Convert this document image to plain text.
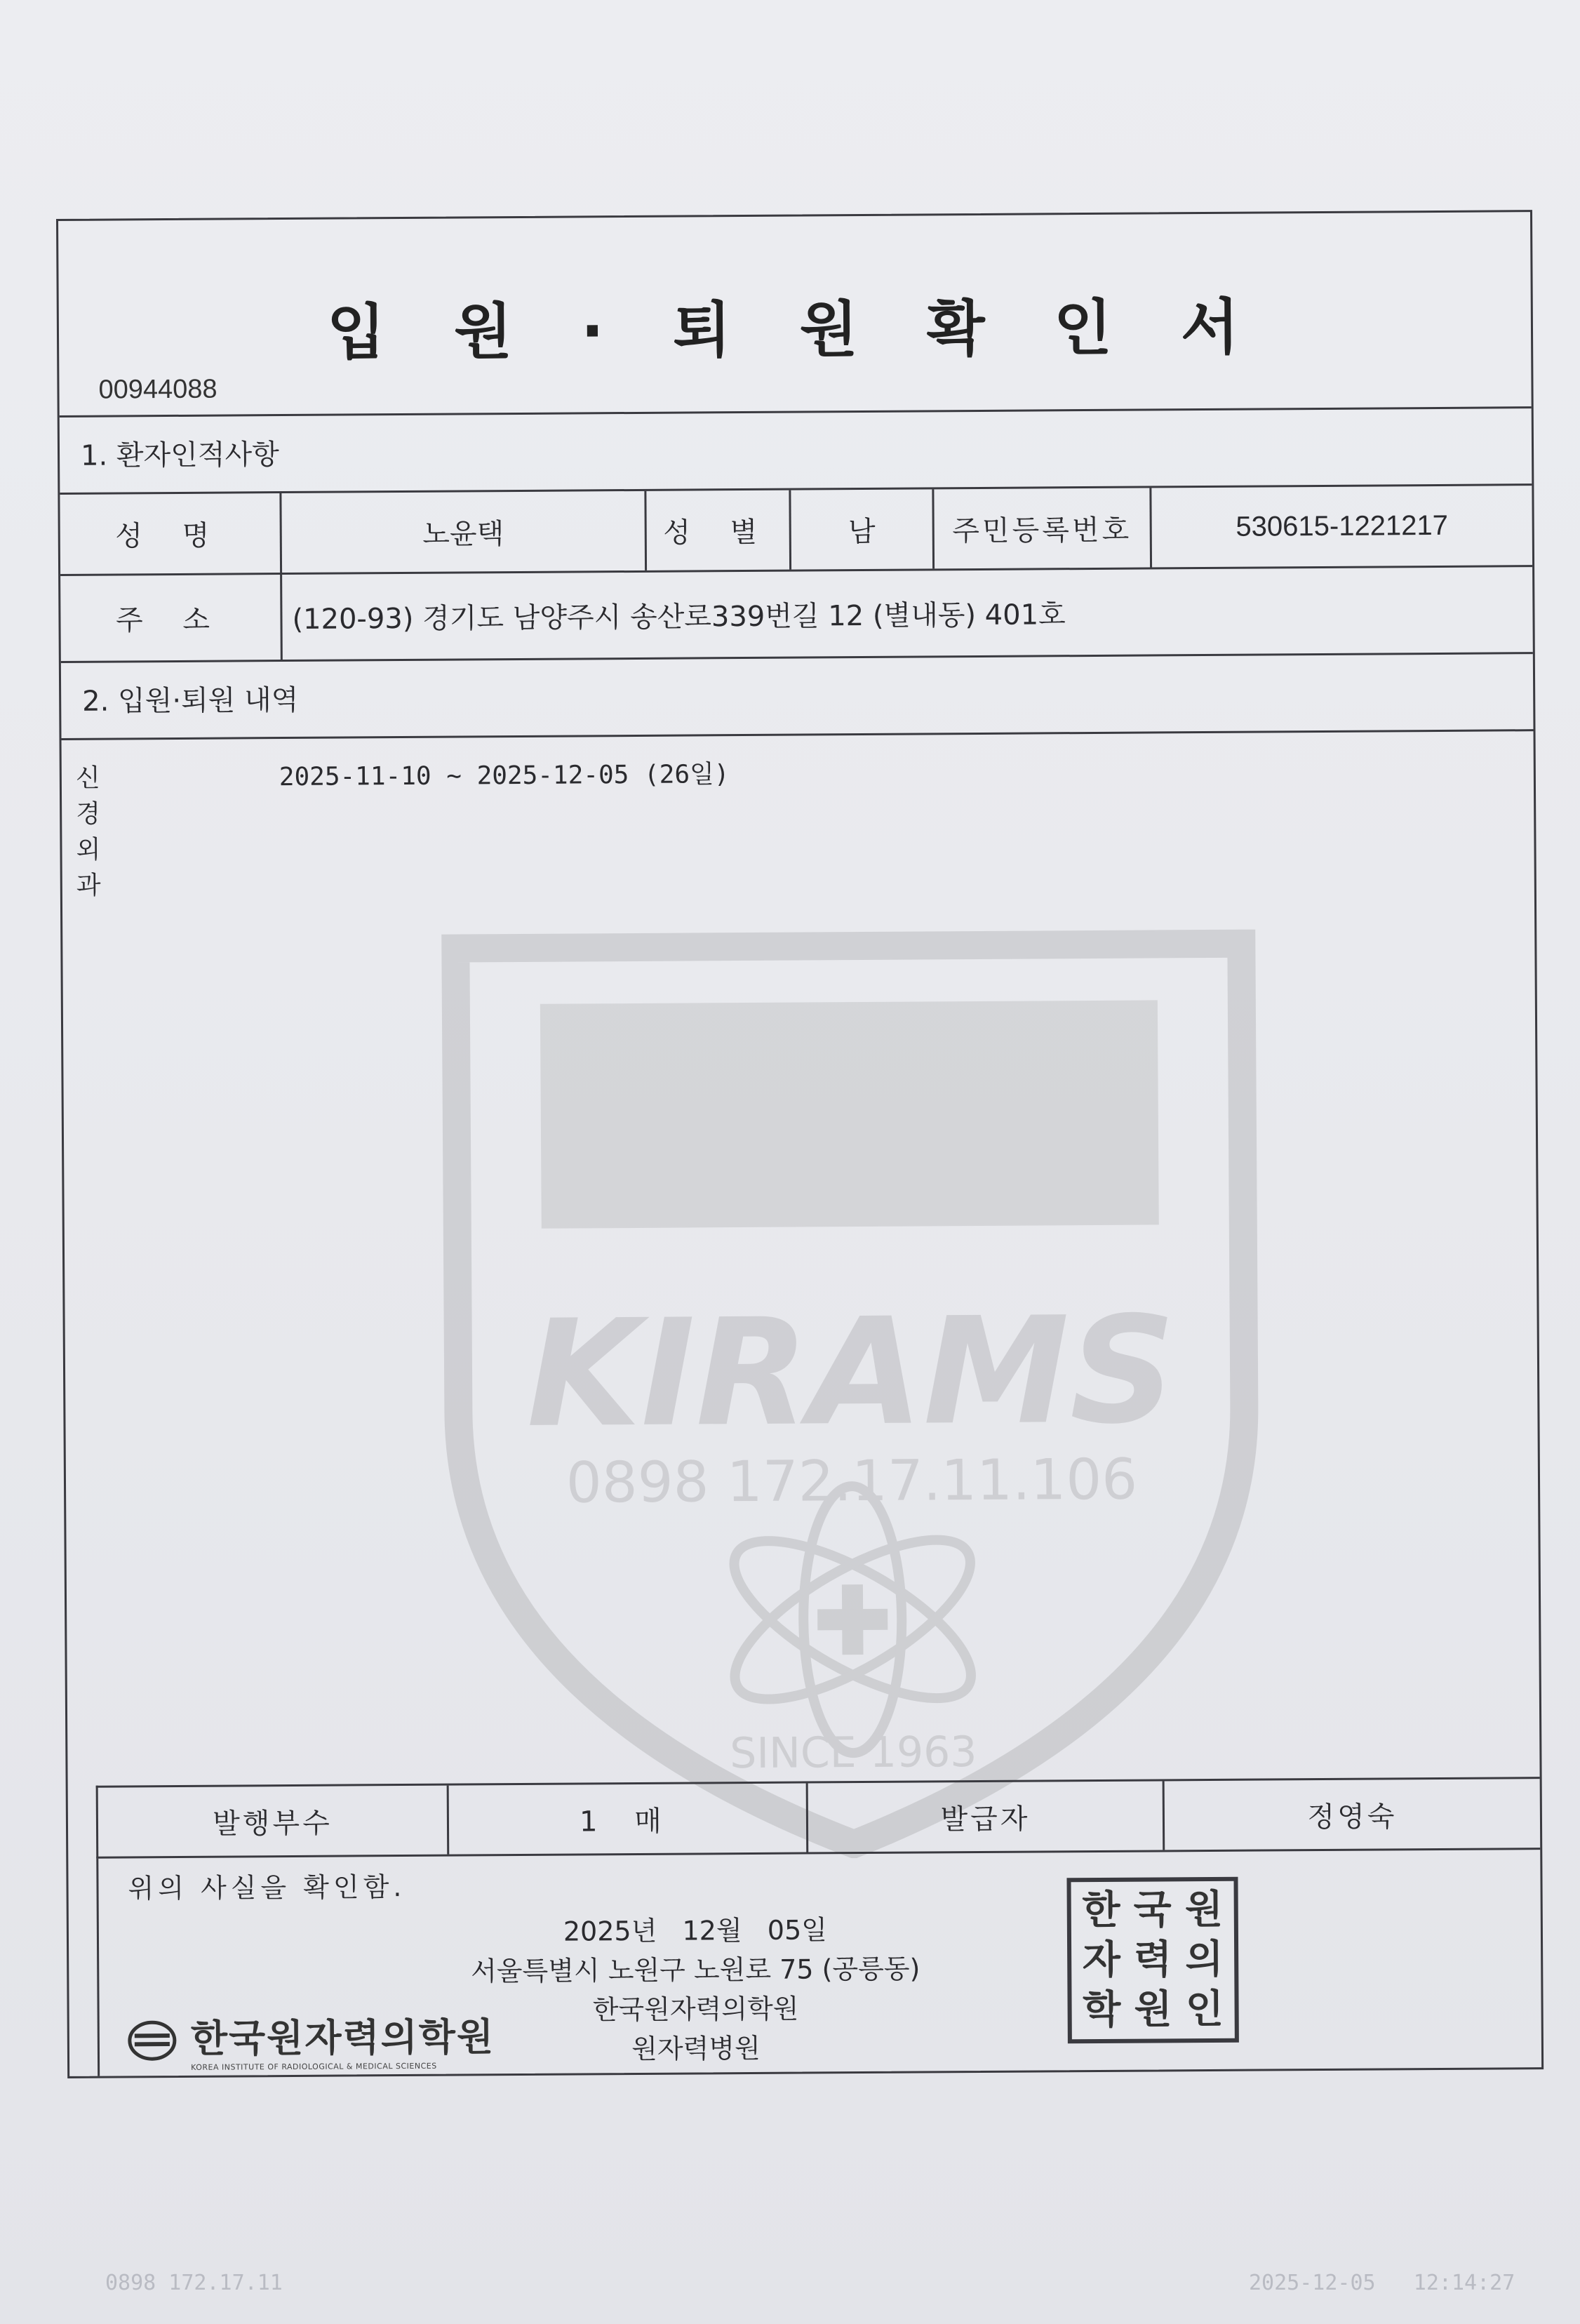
KIRAMS
0898 172.17.11.106
SINCE 1963
입 원 · 퇴 원 확 인 서
00944088
1. 환자인적사항
성 명	노윤택	성 별	남	주민등록번호	530615-1221217
주 소	(120-93) 경기도 남양주시 송산로339번길 12 (별내동) 401호
2. 입원·퇴원 내역
신경외과
2025-11-10 ~ 2025-12-05 (26일)
발행부수	1 매	발급자	정영숙
위의 사실을 확인함.
2025년   12월   05일
서울특별시 노원구 노원로 75 (공릉동)
한국원자력의학원
원자력병원
한 국 원
자 력 의
학 원 인
한국원자력의학원
KOREA INSTITUTE OF RADIOLOGICAL & MEDICAL SCIENCES
0898 172.17.11	2025-12-05   12:14:27
